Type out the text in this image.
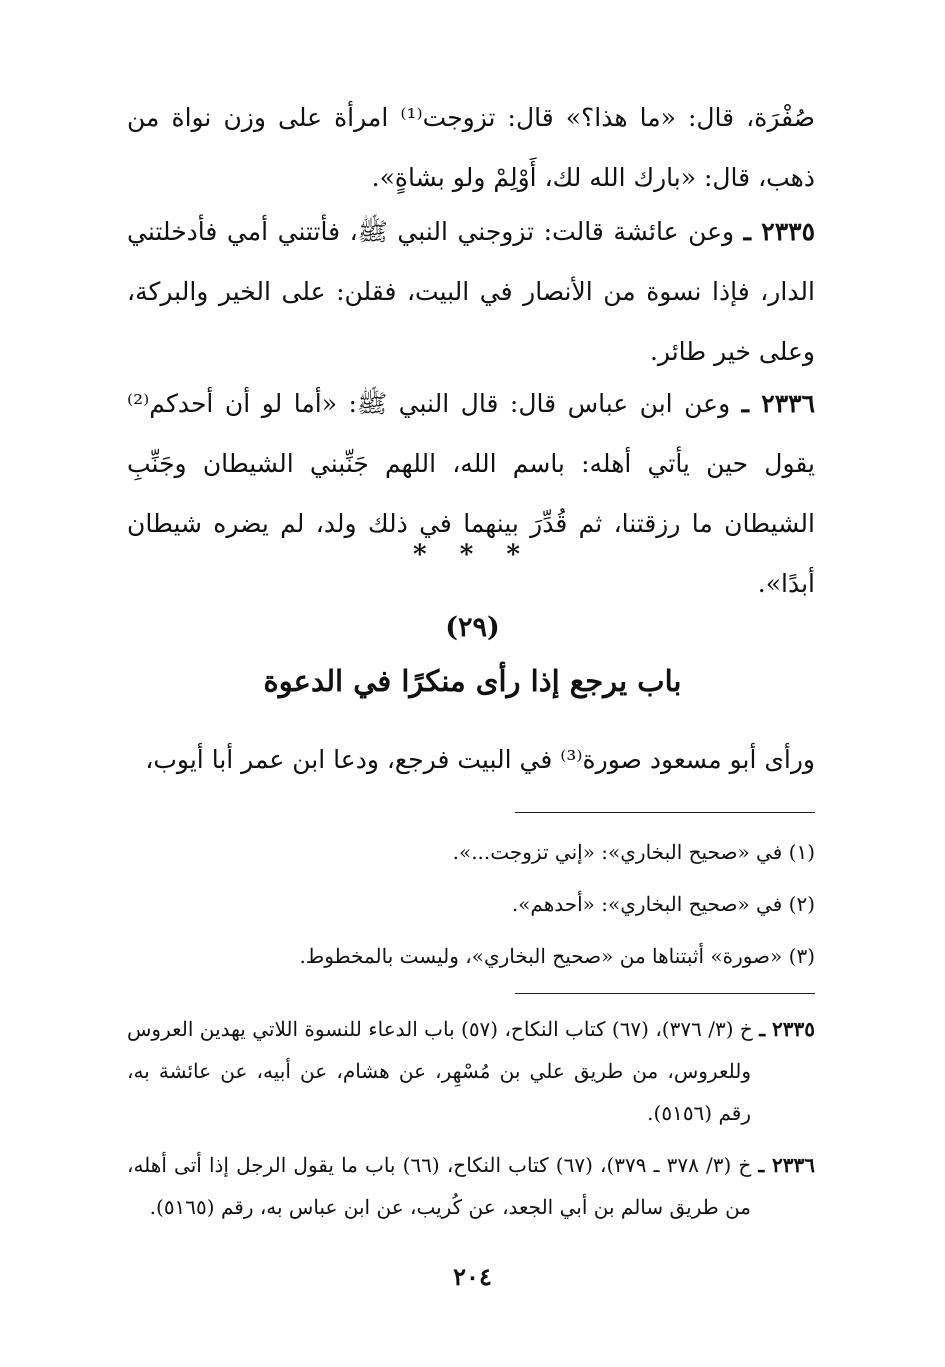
صُفْرَة، قال: «ما هذا؟» قال: تزوجت⁽¹⁾ امرأة على وزن نواة من ذهب، قال: «بارك الله لك، أَوْلِمْ ولو بشاةٍ».

٢٣٣٥ ـ وعن عائشة قالت: تزوجني النبي ﷺ، فأتتني أمي فأدخلتني الدار، فإذا نسوة من الأنصار في البيت، فقلن: على الخير والبركة، وعلى خير طائر.

٢٣٣٦ ـ وعن ابن عباس قال: قال النبي ﷺ: «أما لو أن أحدكم⁽²⁾ يقول حين يأتي أهله: باسم الله، اللهم جَنِّبني الشيطان وجَنِّبِ الشيطان ما رزقتنا، ثم قُدِّرَ بينهما في ذلك ولد، لم يضره شيطان أبدًا».

* * *
(٢٩)
باب يرجع إذا رأى منكرًا في الدعوة

ورأى أبو مسعود صورة⁽³⁾ في البيت فرجع، ودعا ابن عمر أبا أيوب،

(١) في «صحيح البخاري»: «إني تزوجت...».

(٢) في «صحيح البخاري»: «أحدهم».

(٣) «صورة» أثبتناها من «صحيح البخاري»، وليست بالمخطوط.

٢٣٣٥ ـ خ (٣/ ٣٧٦)، (٦٧) كتاب النكاح، (٥٧) باب الدعاء للنسوة اللاتي يهدين العروس وللعروس، من طريق علي بن مُسْهِر، عن هشام، عن أبيه، عن عائشة به، رقم (٥١٥٦).

٢٣٣٦ ـ خ (٣/ ٣٧٨ ـ ٣٧٩)، (٦٧) كتاب النكاح، (٦٦) باب ما يقول الرجل إذا أتى أهله، من طريق سالم بن أبي الجعد، عن كُريب، عن ابن عباس به، رقم (٥١٦٥).

٢٠٤
